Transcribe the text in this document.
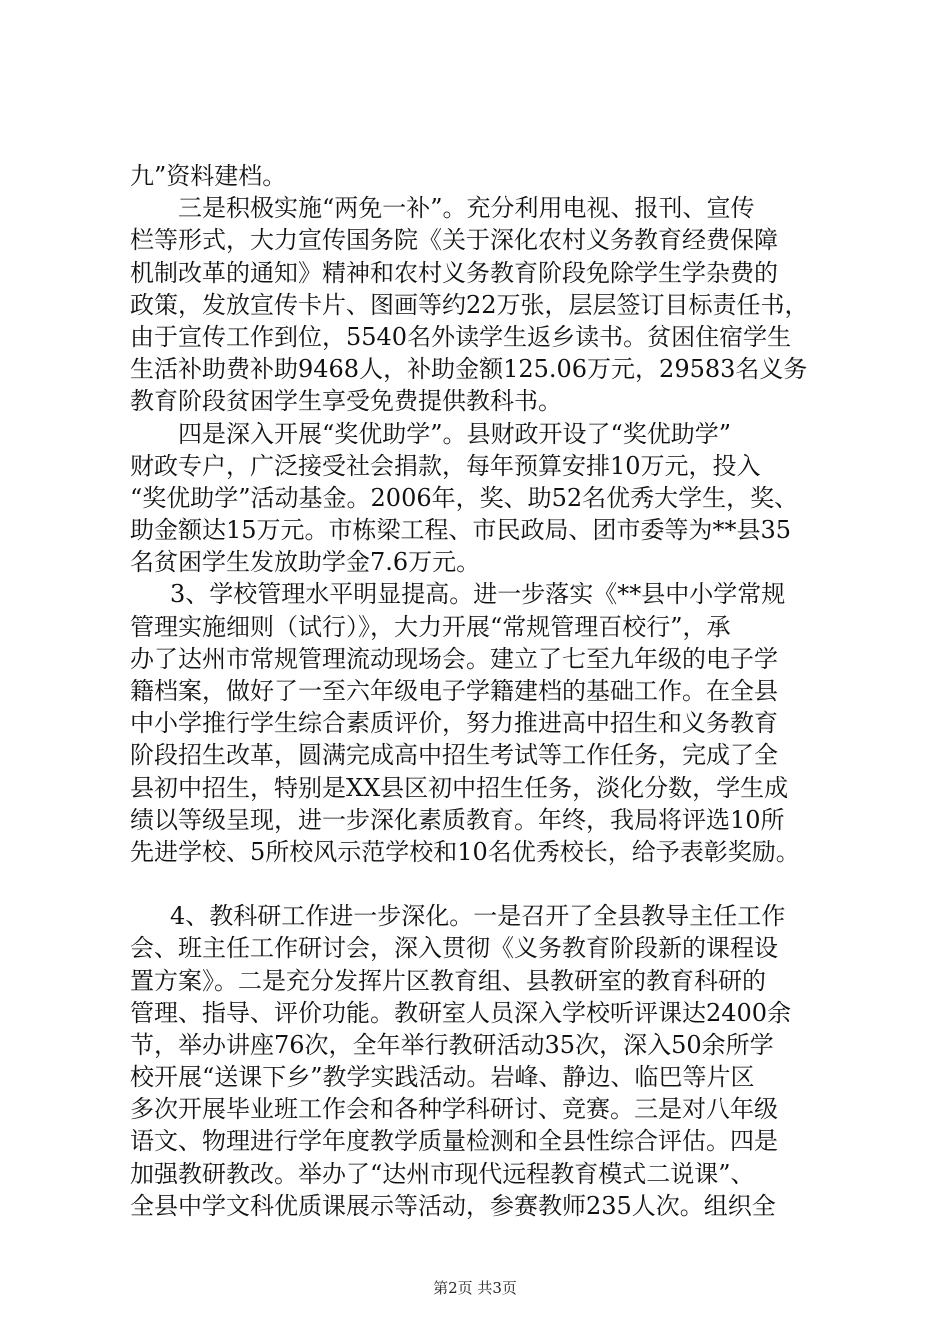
九”资料建档。
三是积极实施“两免一补”。充分利用电视、报刊、宣传
栏等形式，大力宣传国务院《关于深化农村义务教育经费保障
机制改革的通知》精神和农村义务教育阶段免除学生学杂费的
政策，发放宣传卡片、图画等约22万张，层层签订目标责任书，
由于宣传工作到位，5540名外读学生返乡读书。贫困住宿学生
生活补助费补助9468人，补助金额125.06万元，29583名义务
教育阶段贫困学生享受免费提供教科书。
四是深入开展“奖优助学”。县财政开设了“奖优助学”
财政专户，广泛接受社会捐款，每年预算安排10万元，投入
“奖优助学”活动基金。2006年，奖、助52名优秀大学生，奖、
助金额达15万元。市栋梁工程、市民政局、团市委等为**县35
名贫困学生发放助学金7.6万元。
3、学校管理水平明显提高。进一步落实《**县中小学常规
管理实施细则（试行）》，大力开展“常规管理百校行”，承
办了达州市常规管理流动现场会。建立了七至九年级的电子学
籍档案，做好了一至六年级电子学籍建档的基础工作。在全县
中小学推行学生综合素质评价，努力推进高中招生和义务教育
阶段招生改革，圆满完成高中招生考试等工作任务，完成了全
县初中招生，特别是XX县区初中招生任务，淡化分数，学生成
绩以等级呈现，进一步深化素质教育。年终，我局将评选10所
先进学校、5所校风示范学校和10名优秀校长，给予表彰奖励。
4、教科研工作进一步深化。一是召开了全县教导主任工作
会、班主任工作研讨会，深入贯彻《义务教育阶段新的课程设
置方案》。二是充分发挥片区教育组、县教研室的教育科研的
管理、指导、评价功能。教研室人员深入学校听评课达2400余
节，举办讲座76次，全年举行教研活动35次，深入50余所学
校开展“送课下乡”教学实践活动。岩峰、静边、临巴等片区
多次开展毕业班工作会和各种学科研讨、竞赛。三是对八年级
语文、物理进行学年度教学质量检测和全县性综合评估。四是
加强教研教改。举办了“达州市现代远程教育模式二说课”、
全县中学文科优质课展示等活动，参赛教师235人次。组织全
第2页 共3页
